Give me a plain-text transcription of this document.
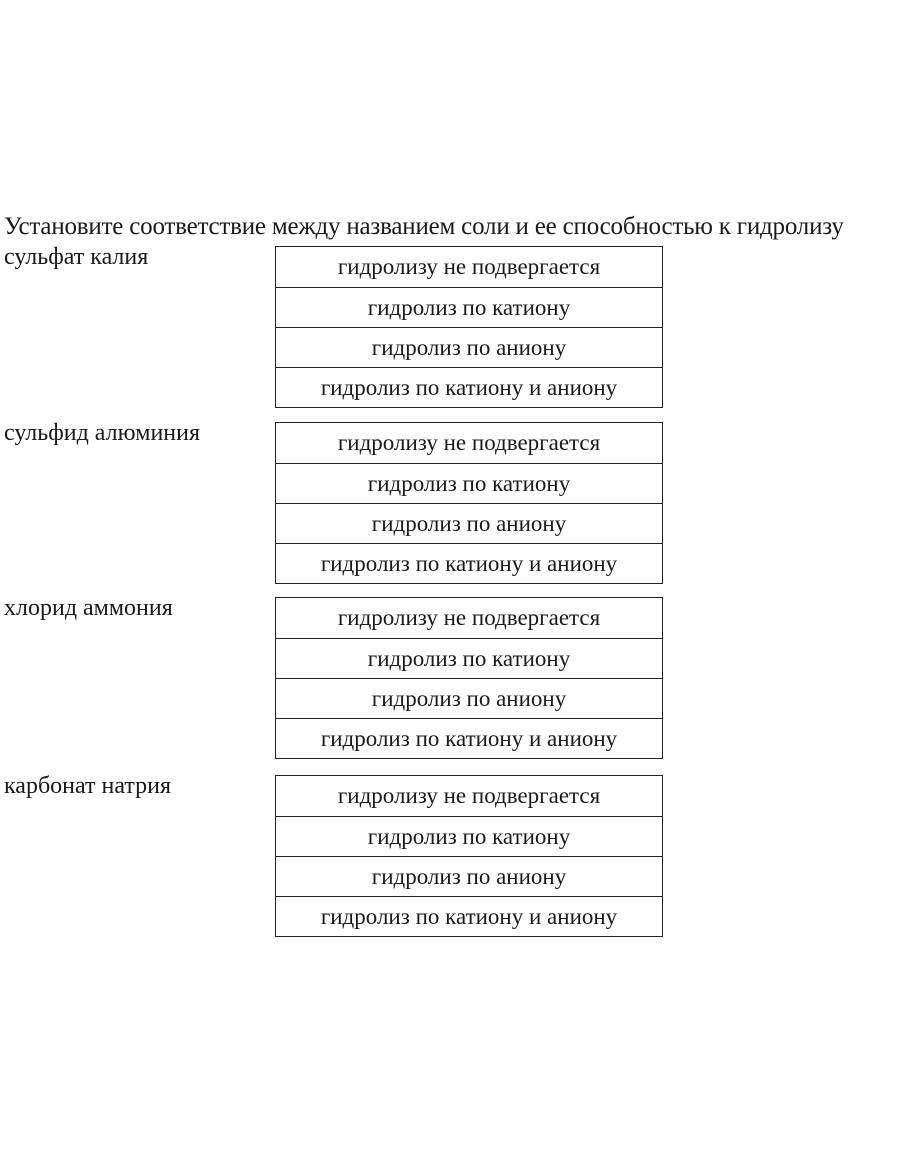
Установите соответствие между названием соли и ее способностью к гидролизу
сульфат калия	гидролизу не подвергается
гидролиз по катиону
гидролиз по аниону
гидролиз по катиону и аниону
сульфид алюминия	гидролизу не подвергается
гидролиз по катиону
гидролиз по аниону
гидролиз по катиону и аниону
хлорид аммония	гидролизу не подвергается
гидролиз по катиону
гидролиз по аниону
гидролиз по катиону и аниону
карбонат натрия	гидролизу не подвергается
гидролиз по катиону
гидролиз по аниону
гидролиз по катиону и аниону
